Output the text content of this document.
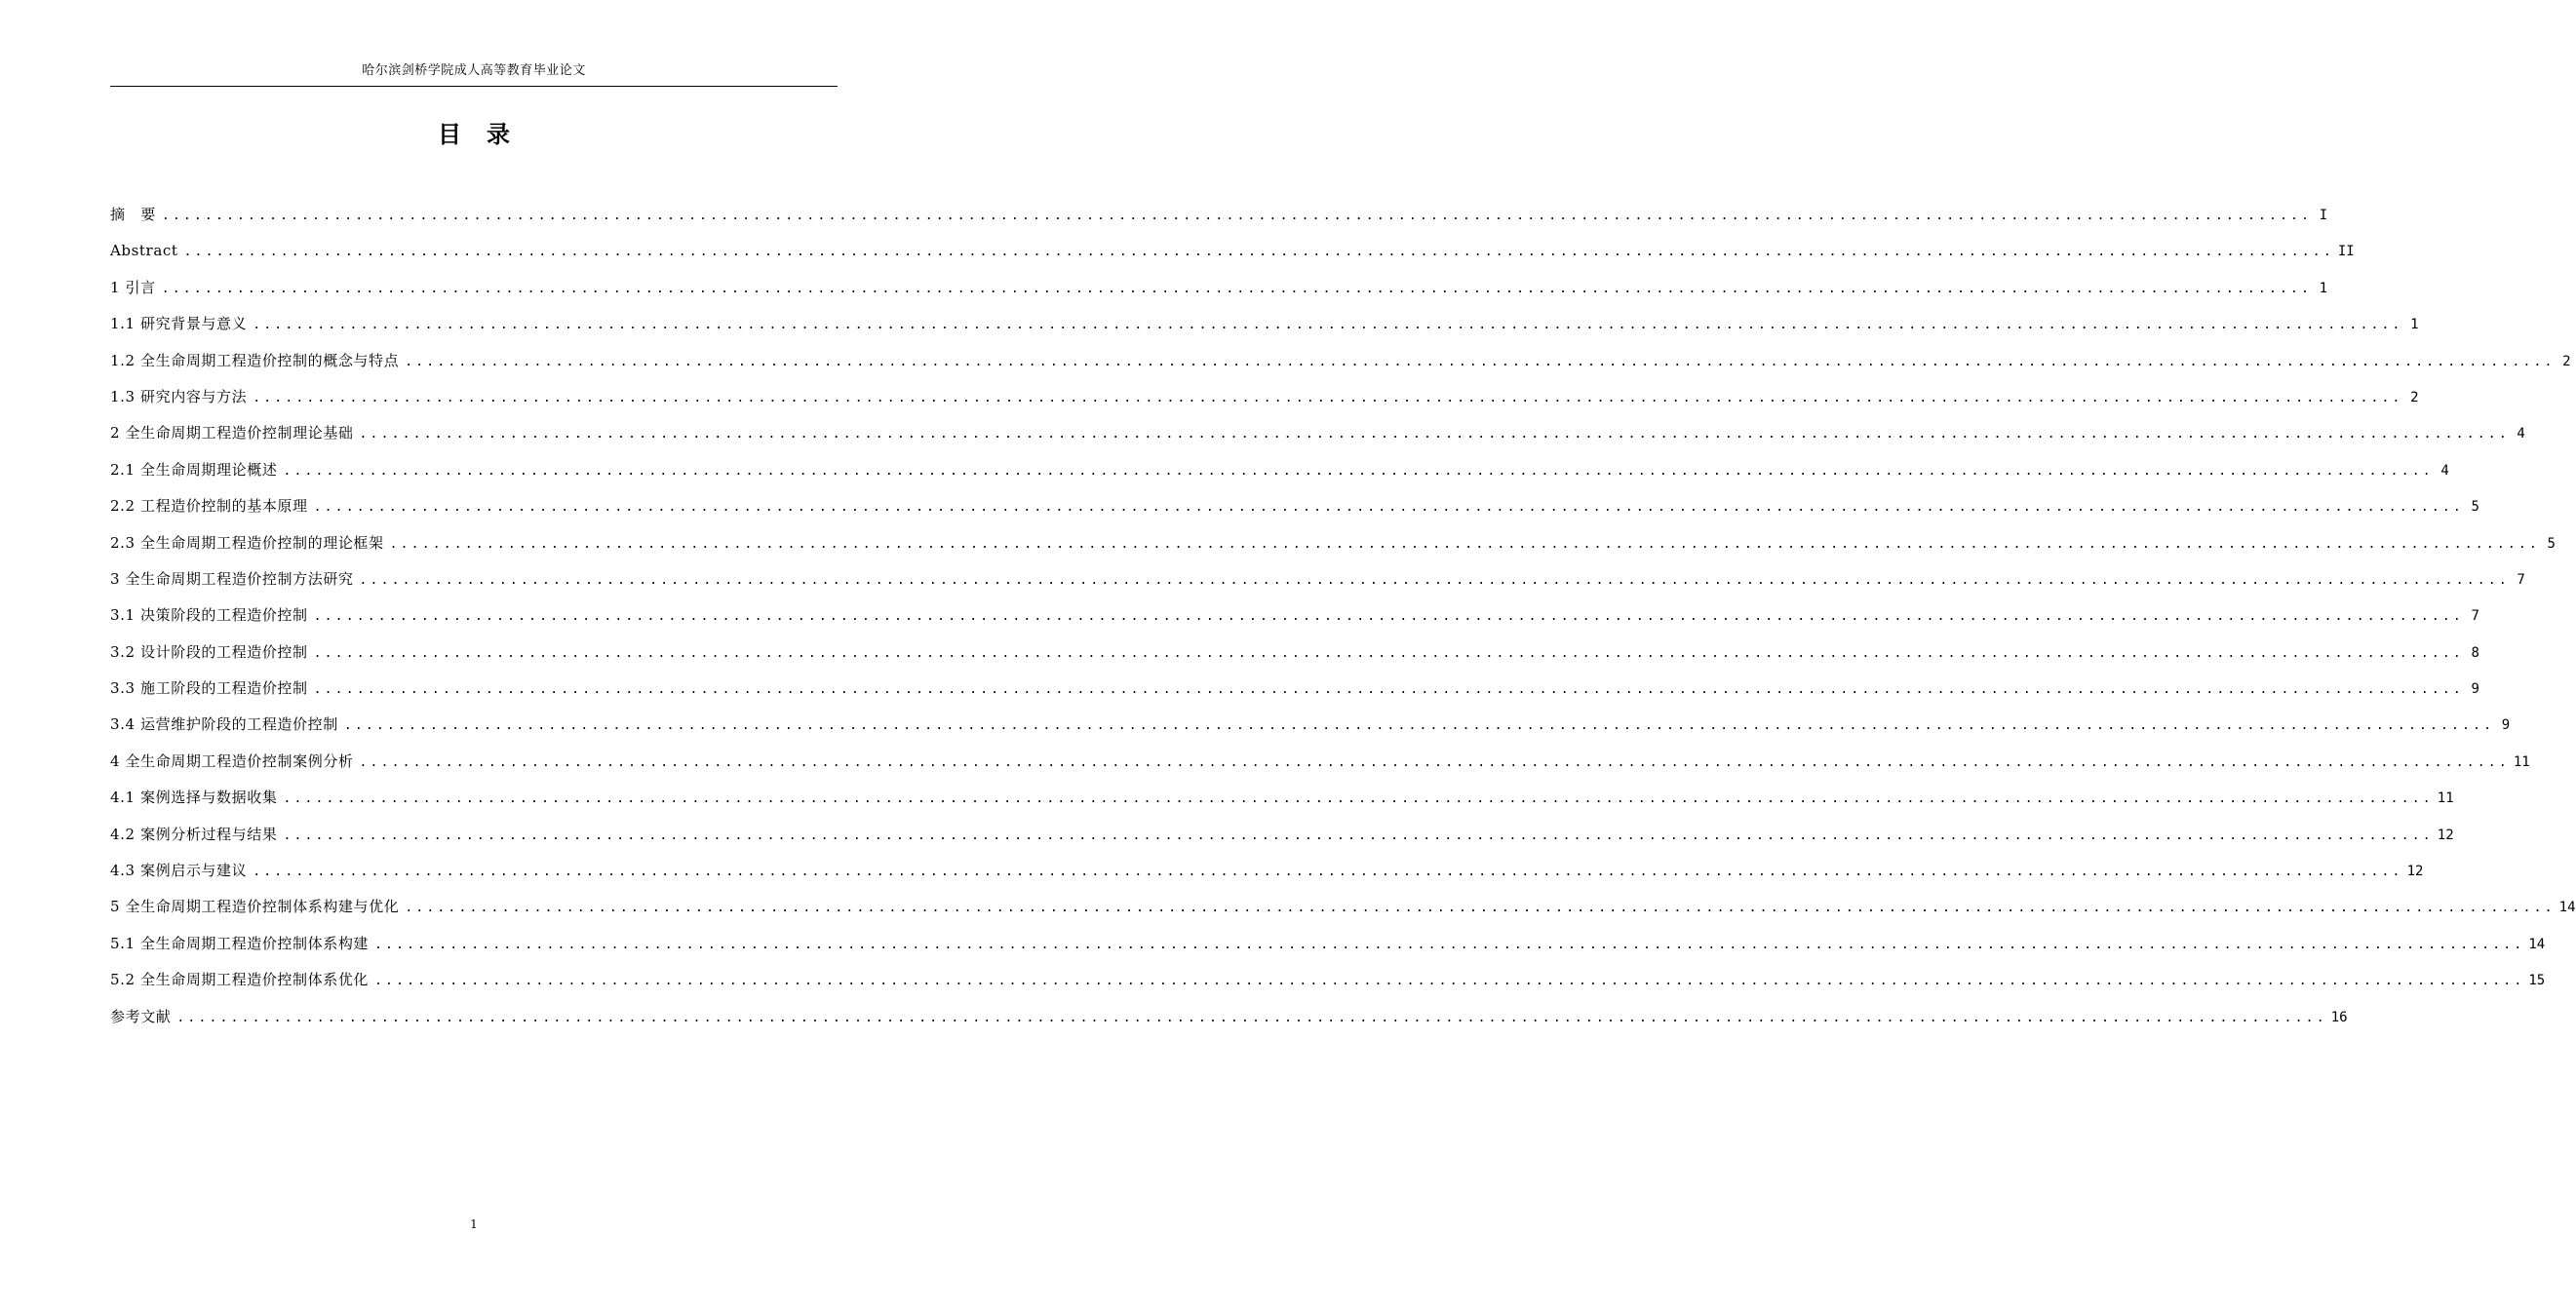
哈尔滨剑桥学院成人高等教育毕业论文
目录
摘　要 ........................................................................................................................................................................................................ I
Abstract ........................................................................................................................................................................................................ II
1 引言 ........................................................................................................................................................................................................ 1
1.1 研究背景与意义 ........................................................................................................................................................................................................ 1
1.2 全生命周期工程造价控制的概念与特点 ........................................................................................................................................................................................................ 2
1.3 研究内容与方法 ........................................................................................................................................................................................................ 2
2 全生命周期工程造价控制理论基础 ........................................................................................................................................................................................................ 4
2.1 全生命周期理论概述 ........................................................................................................................................................................................................ 4
2.2 工程造价控制的基本原理 ........................................................................................................................................................................................................ 5
2.3 全生命周期工程造价控制的理论框架 ........................................................................................................................................................................................................ 5
3 全生命周期工程造价控制方法研究 ........................................................................................................................................................................................................ 7
3.1 决策阶段的工程造价控制 ........................................................................................................................................................................................................ 7
3.2 设计阶段的工程造价控制 ........................................................................................................................................................................................................ 8
3.3 施工阶段的工程造价控制 ........................................................................................................................................................................................................ 9
3.4 运营维护阶段的工程造价控制 ........................................................................................................................................................................................................ 9
4 全生命周期工程造价控制案例分析 ........................................................................................................................................................................................................ 11
4.1 案例选择与数据收集 ........................................................................................................................................................................................................ 11
4.2 案例分析过程与结果 ........................................................................................................................................................................................................ 12
4.3 案例启示与建议 ........................................................................................................................................................................................................ 12
5 全生命周期工程造价控制体系构建与优化 ........................................................................................................................................................................................................ 14
5.1 全生命周期工程造价控制体系构建 ........................................................................................................................................................................................................ 14
5.2 全生命周期工程造价控制体系优化 ........................................................................................................................................................................................................ 15
参考文献 ........................................................................................................................................................................................................ 16
1
